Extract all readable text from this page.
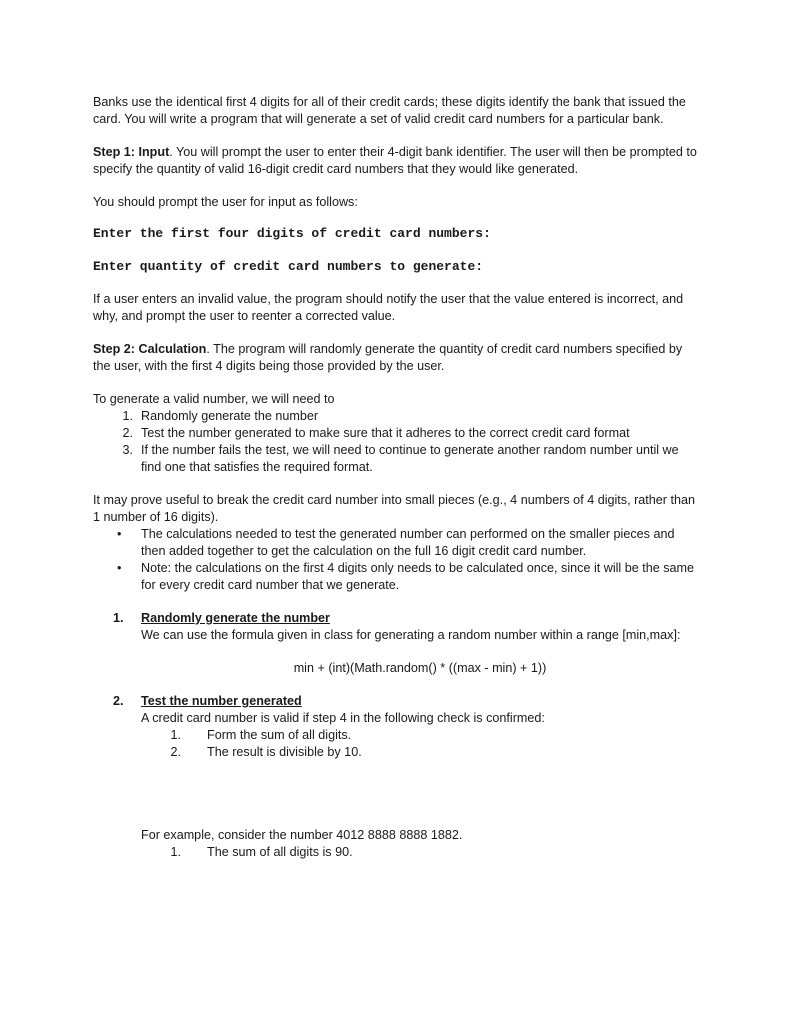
Banks use the identical first 4 digits for all of their credit cards; these digits identify the bank that issued the card. You will write a program that will generate a set of valid credit card numbers for a particular bank.

Step 1: Input. You will prompt the user to enter their 4-digit bank identifier. The user will then be prompted to specify the quantity of valid 16-digit credit card numbers that they would like generated.

You should prompt the user for input as follows:

Enter the first four digits of credit card numbers:

Enter quantity of credit card numbers to generate:

If a user enters an invalid value, the program should notify the user that the value entered is incorrect, and why, and prompt the user to reenter a corrected value.

Step 2: Calculation. The program will randomly generate the quantity of credit card numbers specified by the user, with the first 4 digits being those provided by the user.

To generate a valid number, we will need to

1. Randomly generate the number
2. Test the number generated to make sure that it adheres to the correct credit card format
3. If the number fails the test, we will need to continue to generate another random number until we find one that satisfies the required format.

It may prove useful to break the credit card number into small pieces (e.g., 4 numbers of 4 digits, rather than 1 number of 16 digits).

•	The calculations needed to test the generated number can performed on the smaller pieces and then added together to get the calculation on the full 16 digit credit card number.
•	Note: the calculations on the first 4 digits only needs to be calculated once, since it will be the same for every credit card number that we generate.
1.	Randomly generate the number

We can use the formula given in class for generating a random number within a range [min,max]:

min + (int)(Math.random() * ((max - min) + 1))

2.	Test the number generated

A credit card number is valid if step 4 in the following check is confirmed:

1.	Form the sum of all digits.
2.	The result is divisible by 10.

For example, consider the number 4012 8888 8888 1882.

1.	The sum of all digits is 90.
